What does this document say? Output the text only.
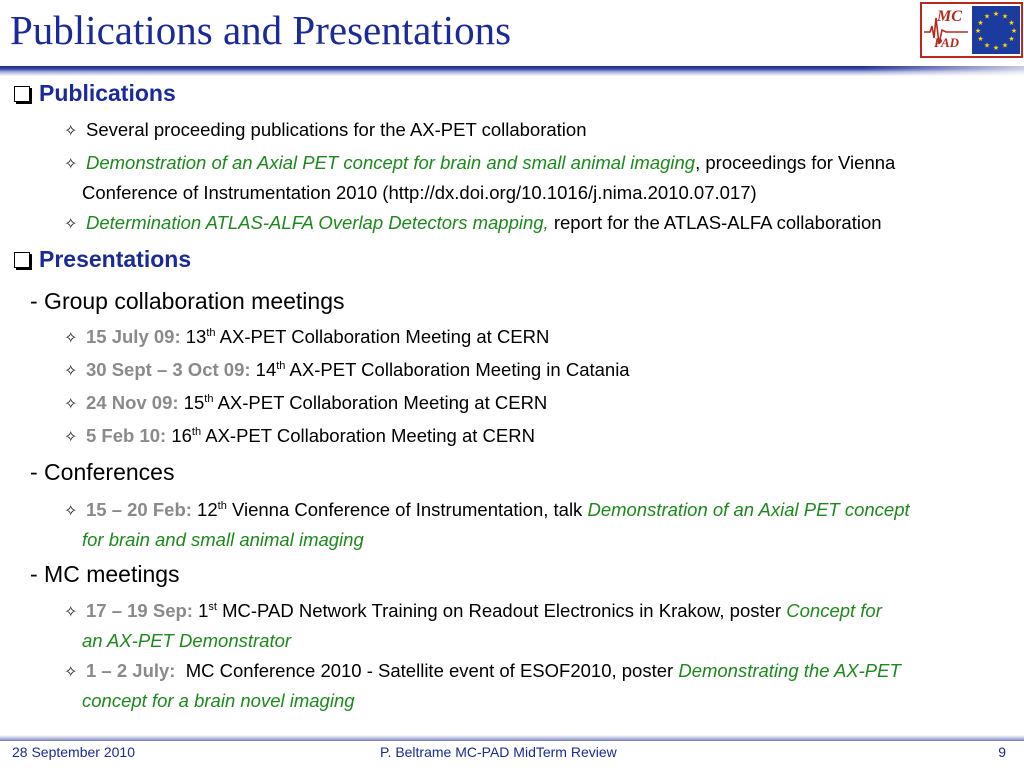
Publications and Presentations	MC
PAD
★ ★
★
★
★
★
★
★
★
★
★
★
Publications
✧ Several proceeding publications for the AX-PET collaboration
✧ Demonstration of an Axial PET concept for brain and small animal imaging, proceedings for Vienna
Conference of Instrumentation 2010 (http://dx.doi.org/10.1016/j.nima.2010.07.017)
✧ Determination ATLAS-ALFA Overlap Detectors mapping, report for the ATLAS-ALFA collaboration
Presentations
- Group collaboration meetings
✧ 15 July 09: 13th AX-PET Collaboration Meeting at CERN
✧ 30 Sept – 3 Oct 09: 14th AX-PET Collaboration Meeting in Catania
✧ 24 Nov 09: 15th AX-PET Collaboration Meeting at CERN
✧ 5 Feb 10: 16th AX-PET Collaboration Meeting at CERN
- Conferences
✧ 15 – 20 Feb: 12th Vienna Conference of Instrumentation, talk Demonstration of an Axial PET concept
for brain and small animal imaging
- MC meetings
✧ 17 – 19 Sep: 1st MC-PAD Network Training on Readout Electronics in Krakow, poster Concept for
an AX-PET Demonstrator
✧ 1 – 2 July:  MC Conference 2010 - Satellite event of ESOF2010, poster Demonstrating the AX-PET
concept for a brain novel imaging
28 September 2010	P. Beltrame MC-PAD MidTerm Review	9
